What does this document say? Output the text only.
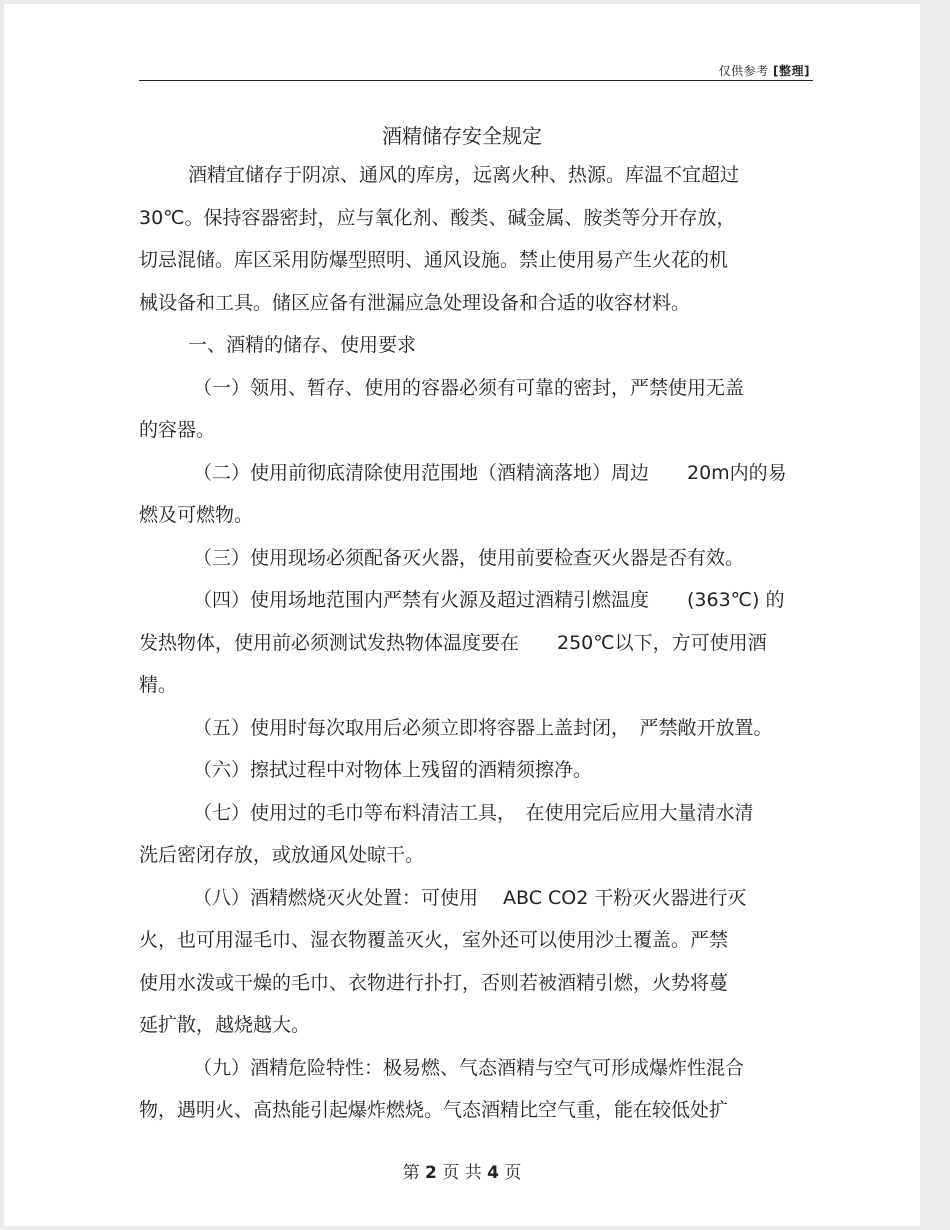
仅供参考 [整理]
酒精储存安全规定
酒精宜储存于阴凉、通风的库房，远离火种、热源。库温不宜超过
30℃。保持容器密封，应与氧化剂、酸类、碱金属、胺类等分开存放，
切忌混储。库区采用防爆型照明、通风设施。禁止使用易产生火花的机
械设备和工具。储区应备有泄漏应急处理设备和合适的收容材料。
一、酒精的储存、使用要求
（一）领用、暂存、使用的容器必须有可靠的密封，严禁使用无盖
的容器。
（二）使用前彻底清除使用范围地（酒精滴落地）周边　　20m内的易
燃及可燃物。
（三）使用现场必须配备灭火器，使用前要检查灭火器是否有效。
（四）使用场地范围内严禁有火源及超过酒精引燃温度　　(363℃) 的
发热物体，使用前必须测试发热物体温度要在　　250℃以下，方可使用酒
精。
（五）使用时每次取用后必须立即将容器上盖封闭，　严禁敞开放置。
（六）擦拭过程中对物体上残留的酒精须擦净。
（七）使用过的毛巾等布料清洁工具，　在使用完后应用大量清水清
洗后密闭存放，或放通风处晾干。
（八）酒精燃烧灭火处置：可使用　 ABC CO2 干粉灭火器进行灭
火，也可用湿毛巾、湿衣物覆盖灭火，室外还可以使用沙土覆盖。严禁
使用水泼或干燥的毛巾、衣物进行扑打，否则若被酒精引燃，火势将蔓
延扩散，越烧越大。
（九）酒精危险特性：极易燃、气态酒精与空气可形成爆炸性混合
物，遇明火、高热能引起爆炸燃烧。气态酒精比空气重，能在较低处扩
第 2 页 共 4 页
